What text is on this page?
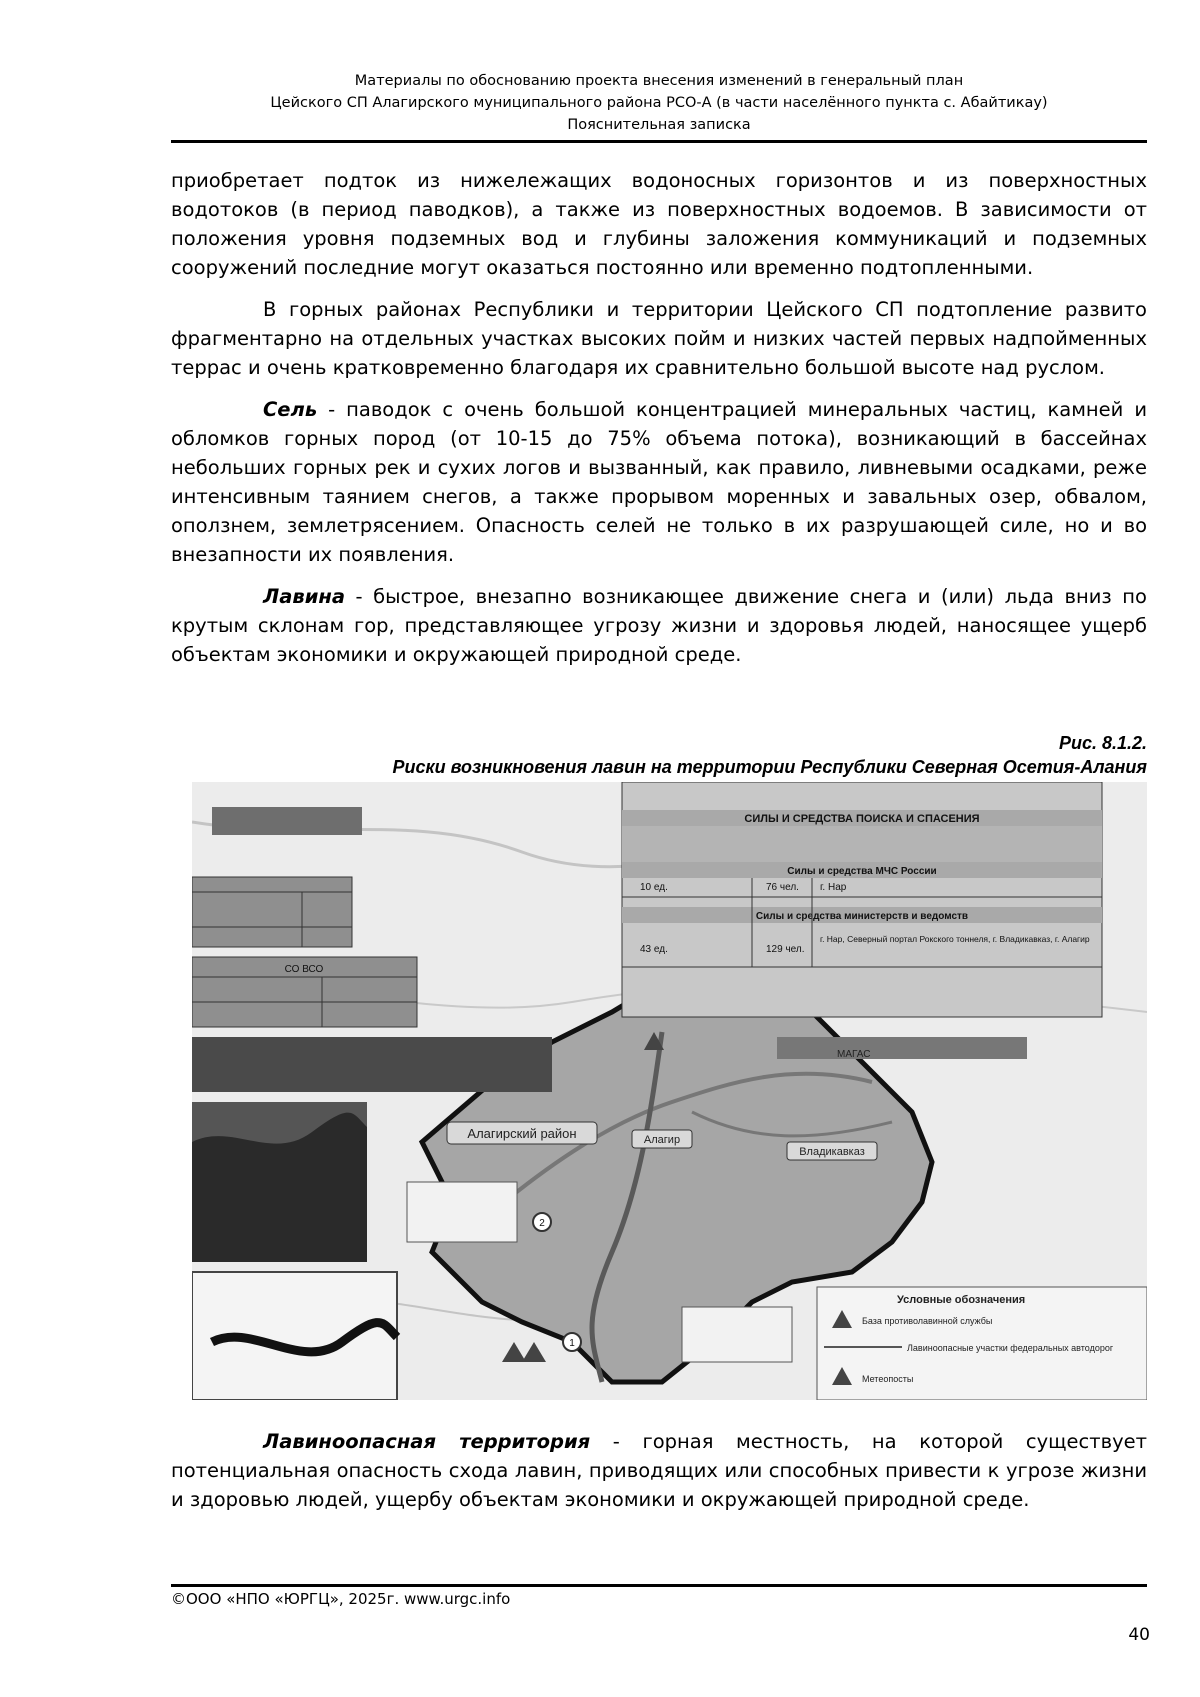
Материалы по обоснованию проекта внесения изменений в генеральный план
Цейского СП Алагирского муниципального района РСО-А (в части населённого пункта с. Абайтикау)
Пояснительная записка

приобретает подток из нижележащих водоносных горизонтов и из поверхностных водотоков (в период паводков), а также из поверхностных водоемов. В зависимости от положения уровня подземных вод и глубины заложения коммуникаций и подземных сооружений последние могут оказаться постоянно или временно подтопленными.

В горных районах Республики и территории Цейского СП подтопление развито фрагментарно на отдельных участках высоких пойм и низких частей первых надпойменных террас и очень кратковременно благодаря их сравнительно большой высоте над руслом.

Сель - паводок с очень большой концентрацией минеральных частиц, камней и обломков горных пород (от 10-15 до 75% объема потока), возникающий в бассейнах небольших горных рек и сухих логов и вызванный, как правило, ливневыми осадками, реже интенсивным таянием снегов, а также прорывом моренных и завальных озер, обвалом, оползнем, землетрясением. Опасность селей не только в их разрушающей силе, но и во внезапности их появления.

Лавина - быстрое, внезапно возникающее движение снега и (или) льда вниз по крутым склонам гор, представляющее угрозу жизни и здоровья людей, наносящее ущерб объектам экономики и окружающей природной среде.

Рис. 8.1.2.
Риски возникновения лавин на территории Республики Северная Осетия-Алания
СО ВСО
СИЛЫ И СРЕДСТВА ПОИСКА И СПАСЕНИЯ
Силы и средства МЧС России
10 ед.	76 чел. г. Нар
Силы и средства министерств и ведомств
43 ед.	129 чел.
г. Нар, Северный портал Рокского тоннеля, г. Владикавказ, г. Алагир
Алагирский район	Алагир
Владикавказ
МАГАС
2
1
Условные обозначения
База противолавинной службы
Лавиноопасные участки федеральных автодорог
Метеопосты

Лавиноопасная территория - горная местность, на которой существует потенциальная опасность схода лавин, приводящих или способных привести к угрозе жизни и здоровью людей, ущербу объектам экономики и окружающей природной среде.

©ООО «НПО «ЮРГЦ», 2025г. www.urgc.info
40
